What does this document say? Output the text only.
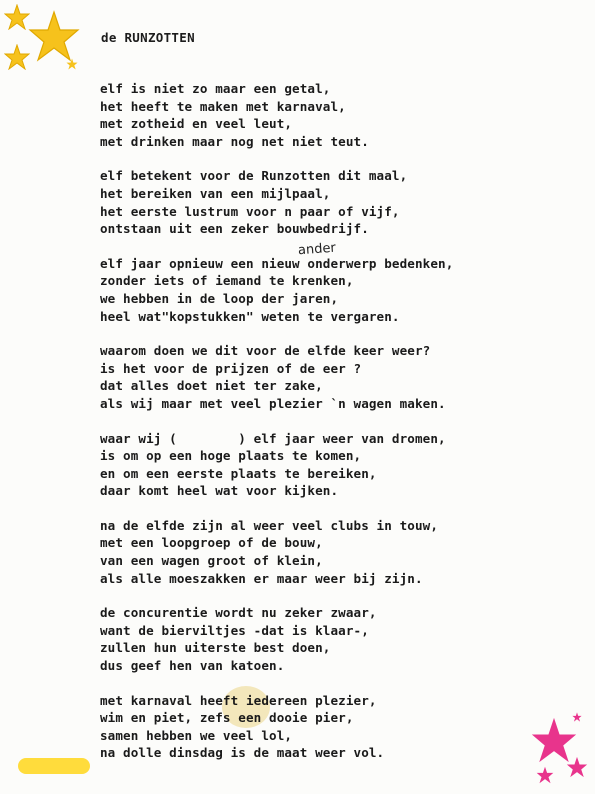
de RUNZOTTEN
ander
elf is niet zo maar een getal,
het heeft te maken met karnaval,
met zotheid en veel leut,
met drinken maar nog net niet teut.
elf betekent voor de Runzotten dit maal,
het bereiken van een mijlpaal,
het eerste lustrum voor n paar of vijf,
ontstaan uit een zeker bouwbedrijf.
elf jaar opnieuw een nieuw onderwerp bedenken,
zonder iets of iemand te krenken,
we hebben in de loop der jaren,
heel wat"kopstukken" weten te vergaren.
waarom doen we dit voor de elfde keer weer?
is het voor de prijzen of de eer ?
dat alles doet niet ter zake,
als wij maar met veel plezier `n wagen maken.
waar wij (        ) elf jaar weer van dromen,
is om op een hoge plaats te komen,
en om een eerste plaats te bereiken,
daar komt heel wat voor kijken.
na de elfde zijn al weer veel clubs in touw,
met een loopgroep of de bouw,
van een wagen groot of klein,
als alle moeszakken er maar weer bij zijn.
de concurentie wordt nu zeker zwaar,
want de bierviltjes -dat is klaar-,
zullen hun uiterste best doen,
dus geef hen van katoen.
met karnaval heeft iedereen plezier,
wim en piet, zefs een dooie pier,
samen hebben we veel lol,
na dolle dinsdag is de maat weer vol.
